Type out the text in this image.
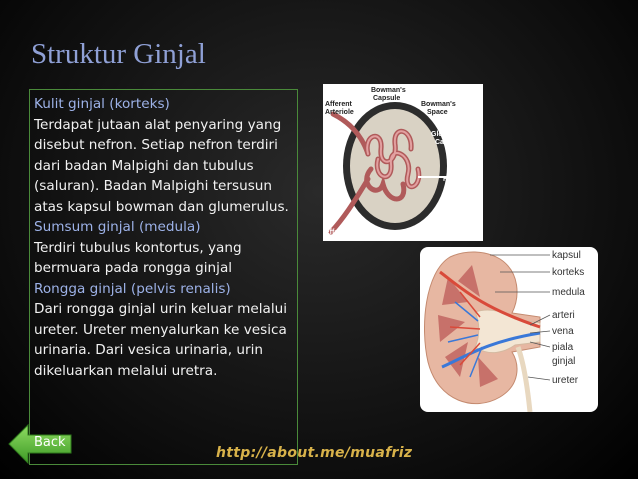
Struktur Ginjal

Kulit ginjal (korteks)

Terdapat jutaan alat penyaring yang disebut nefron. Setiap nefron terdiri dari badan Malpighi dan tubulus (saluran). Badan Malpighi tersusun atas kapsul bowman dan glumerulus.

Sumsum ginjal (medula)

Terdiri tubulus kontortus, yang bermuara pada rongga ginjal

Rongga ginjal (pelvis renalis)

Dari rongga ginjal urin keluar melalui ureter. Ureter menyalurkan ke vesica urinaria. Dari vesica urinaria, urin dikeluarkan melalui uretra.

Back
http://about.me/muafriz
Bowman's
Capsule
Afferent
Arteriole
Bowman's
Space
Glomerular
Capillary
Filtration
Efferent
Arteriole
Mesangium
kapsul
korteks
medula
arteri
vena
piala
ginjal
ureter
